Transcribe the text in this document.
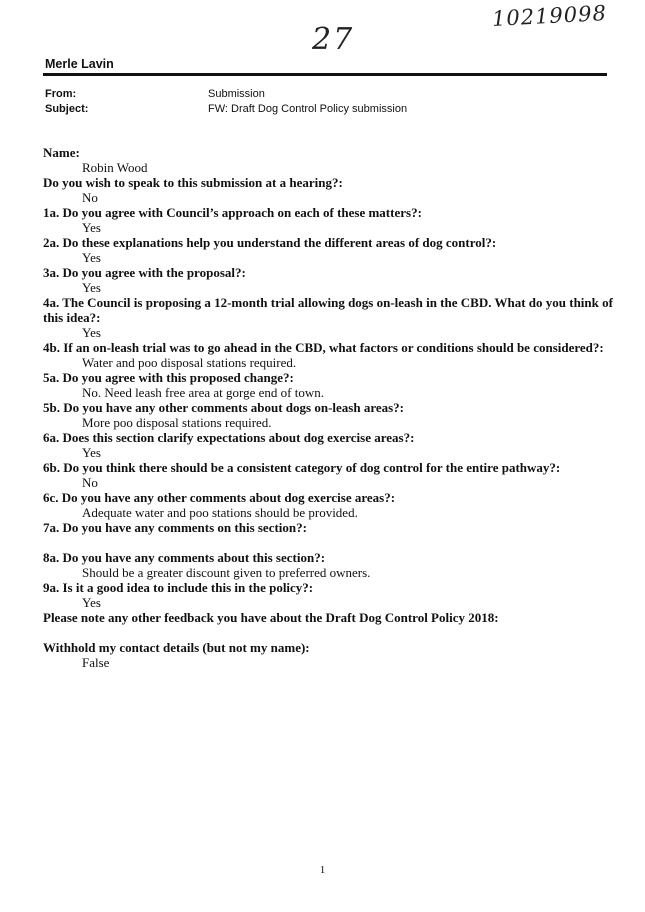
10219098
27
Merle Lavin
From:	Submission
Subject:	FW: Draft Dog Control Policy submission
Name:
Robin Wood
Do you wish to speak to this submission at a hearing?:
No
1a. Do you agree with Council’s approach on each of these matters?:
Yes
2a. Do these explanations help you understand the different areas of dog control?:
Yes
3a. Do you agree with the proposal?:
Yes
4a. The Council is proposing a 12-month trial allowing dogs on-leash in the CBD. What do you think of this idea?:
Yes
4b. If an on-leash trial was to go ahead in the CBD, what factors or conditions should be considered?:
Water and poo disposal stations required.
5a. Do you agree with this proposed change?:
No. Need leash free area at gorge end of town.
5b. Do you have any other comments about dogs on-leash areas?:
More poo disposal stations required.
6a. Does this section clarify expectations about dog exercise areas?:
Yes
6b. Do you think there should be a consistent category of dog control for the entire pathway?:
No
6c. Do you have any other comments about dog exercise areas?:
Adequate water and poo stations should be provided.
7a. Do you have any comments on this section?:
8a. Do you have any comments about this section?:
Should be a greater discount given to preferred owners.
9a. Is it a good idea to include this in the policy?:
Yes
Please note any other feedback you have about the Draft Dog Control Policy 2018:
Withhold my contact details (but not my name):
False
1
